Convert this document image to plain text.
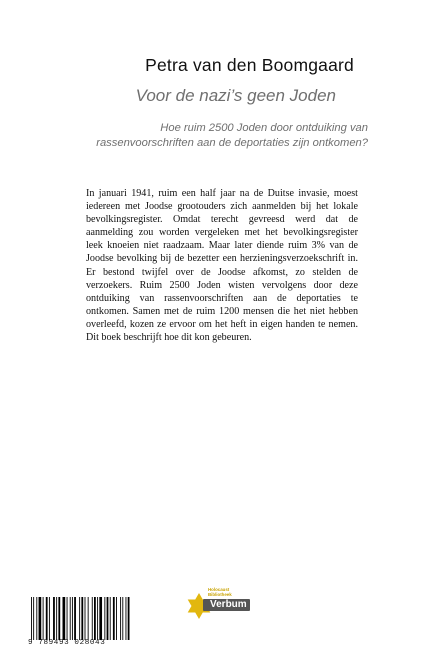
Petra van den Boomgaard
Voor de nazi’s geen Joden
Hoe ruim 2500 Joden door ontduiking van
rassenvoorschriften aan de deportaties zijn ontkomen?
In januari 1941, ruim een half jaar na de Duitse invasie, moest iedereen met Joodse grootouders zich aanmelden bij het lokale bevolkingsregister. Omdat terecht gevreesd werd dat de aanmelding zou worden vergeleken met het bevolkingsregister leek knoeien niet raadzaam. Maar later diende ruim 3% van de Joodse bevolking bij de bezetter een herzieningsverzoekschrift in. Er bestond twijfel over de Joodse afkomst, zo stelden de verzoekers. Ruim 2500 Joden wisten vervolgens door deze ontduiking van rassenvoorschriften aan de deportaties te ontkomen. Samen met de ruim 1200 mensen die het niet hebben overleefd, kozen ze ervoor om het heft in eigen handen te nemen. Dit boek beschrijft hoe dit kon gebeuren.
9 789493 028043
Holocaust
Bibliotheek
Verbum
